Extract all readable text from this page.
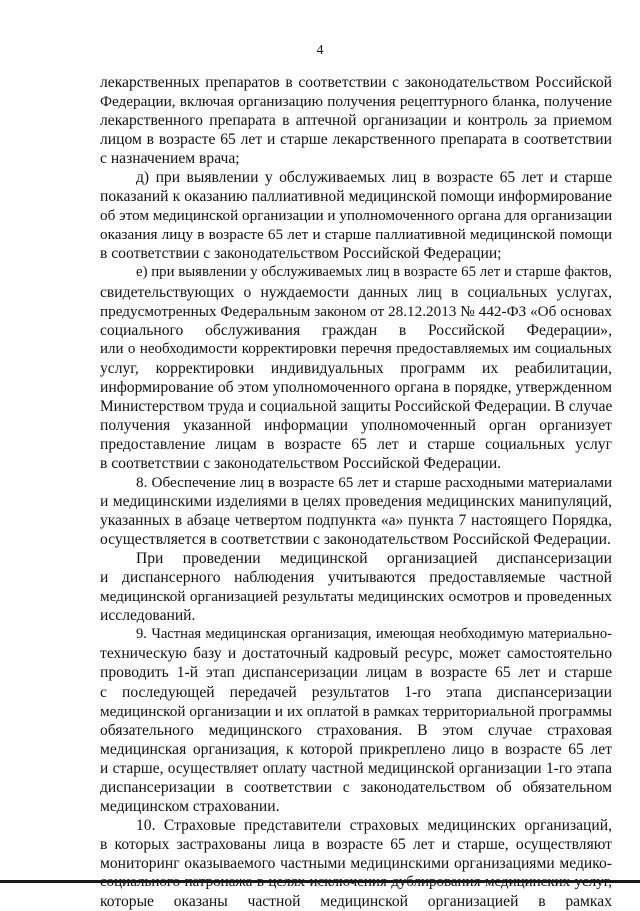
4
лекарственных препаратов в соответствии с законодательством Российской
Федерации, включая организацию получения рецептурного бланка, получение
лекарственного препарата в аптечной организации и контроль за приемом
лицом в возрасте 65 лет и старше лекарственного препарата в соответствии
с назначением врача;
д) при выявлении у обслуживаемых лиц в возрасте 65 лет и старше
показаний к оказанию паллиативной медицинской помощи информирование
об этом медицинской организации и уполномоченного органа для организации
оказания лицу в возрасте 65 лет и старше паллиативной медицинской помощи
в соответствии с законодательством Российской Федерации;
е) при выявлении у обслуживаемых лиц в возрасте 65 лет и старше фактов,
свидетельствующих о нуждаемости данных лиц в социальных услугах,
предусмотренных Федеральным законом от 28.12.2013 № 442-ФЗ «Об основах
социального обслуживания граждан в Российской Федерации»,
или о необходимости корректировки перечня предоставляемых им социальных
услуг, корректировки индивидуальных программ их реабилитации,
информирование об этом уполномоченного органа в порядке, утвержденном
Министерством труда и социальной защиты Российской Федерации. В случае
получения указанной информации уполномоченный орган организует
предоставление лицам в возрасте 65 лет и старше социальных услуг
в соответствии с законодательством Российской Федерации.
8. Обеспечение лиц в возрасте 65 лет и старше расходными материалами
и медицинскими изделиями в целях проведения медицинских манипуляций,
указанных в абзаце четвертом подпункта «а» пункта 7 настоящего Порядка,
осуществляется в соответствии с законодательством Российской Федерации.
При проведении медицинской организацией диспансеризации
и диспансерного наблюдения учитываются предоставляемые частной
медицинской организацией результаты медицинских осмотров и проведенных
исследований.
9. Частная медицинская организация, имеющая необходимую материально-
техническую базу и достаточный кадровый ресурс, может самостоятельно
проводить 1-й этап диспансеризации лицам в возрасте 65 лет и старше
с последующей передачей результатов 1-го этапа диспансеризации
медицинской организации и их оплатой в рамках территориальной программы
обязательного медицинского страхования. В этом случае страховая
медицинская организация, к которой прикреплено лицо в возрасте 65 лет
и старше, осуществляет оплату частной медицинской организации 1-го этапа
диспансеризации в соответствии с законодательством об обязательном
медицинском страховании.
10. Страховые представители страховых медицинских организаций,
в которых застрахованы лица в возрасте 65 лет и старше, осуществляют
мониторинг оказываемого частными медицинскими организациями медико-
которые оказаны частной медицинской организацией в рамках
